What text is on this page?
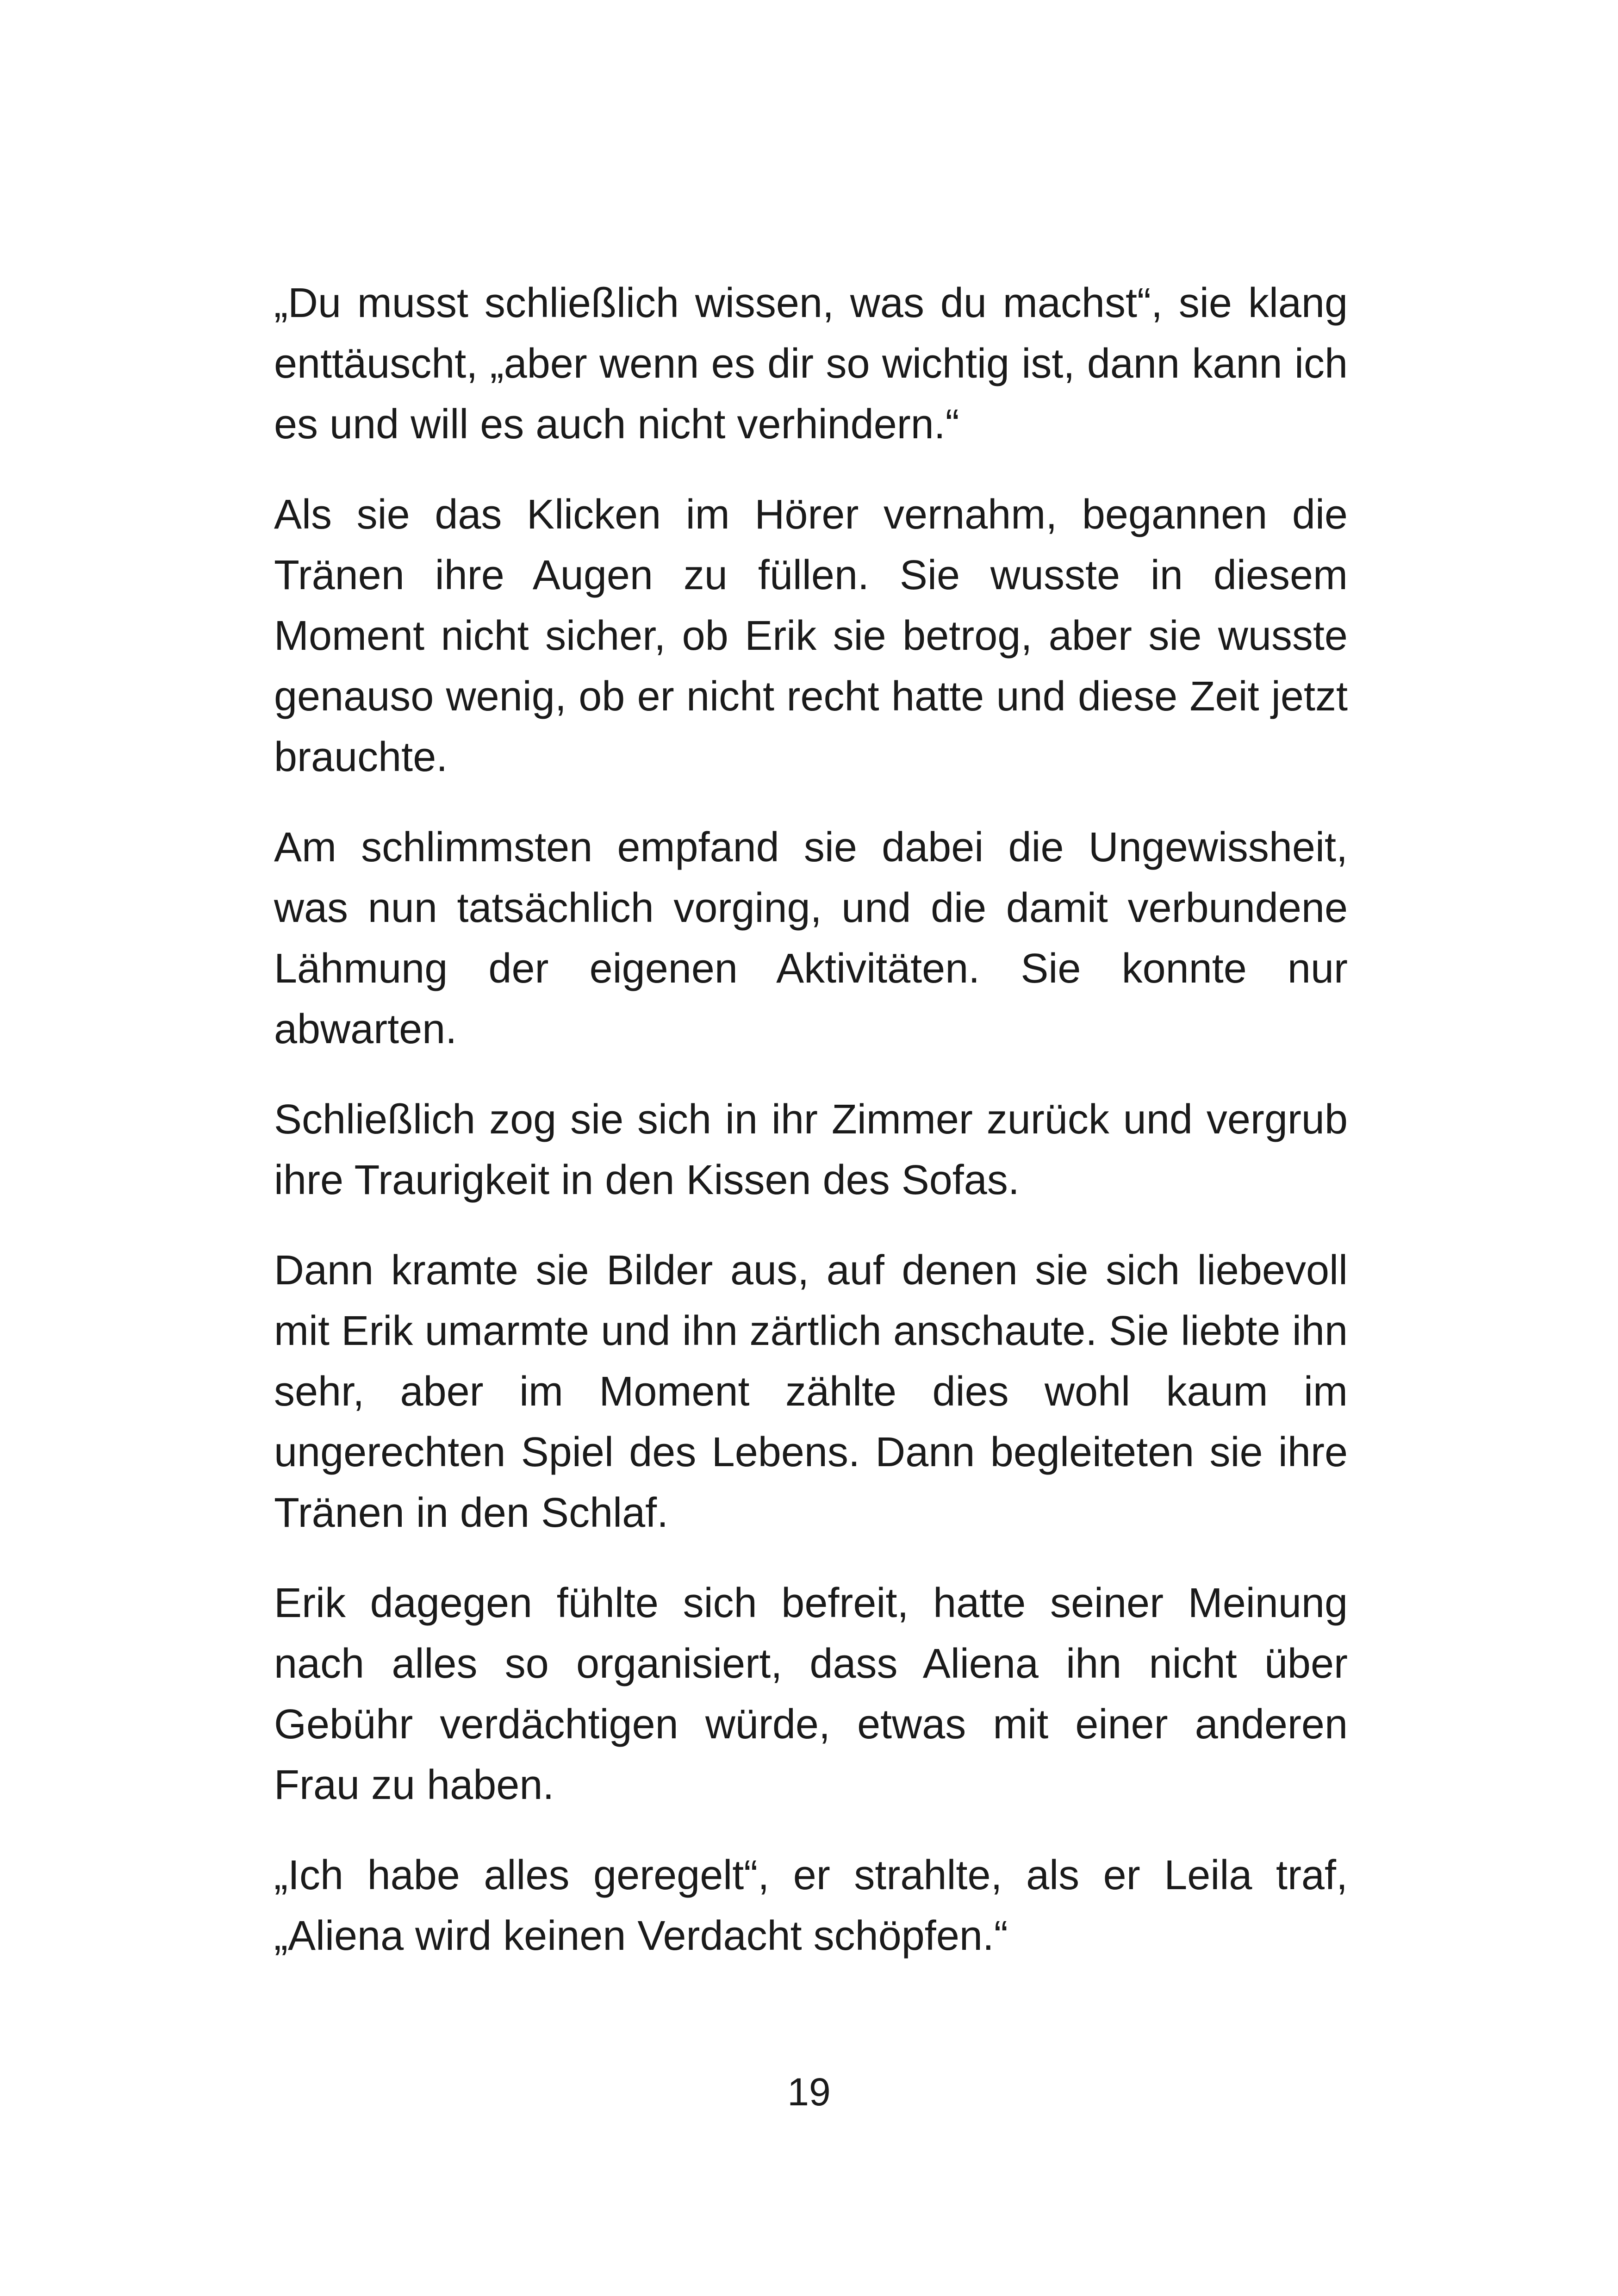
„Du musst schließlich wissen, was du machst“, sie klang enttäuscht, „aber wenn es dir so wichtig ist, dann kann ich es und will es auch nicht verhindern.“

Als sie das Klicken im Hörer vernahm, begannen die Tränen ihre Augen zu füllen. Sie wusste in diesem Moment nicht sicher, ob Erik sie betrog, aber sie wusste genauso wenig, ob er nicht recht hatte und diese Zeit jetzt brauchte.

Am schlimmsten empfand sie dabei die Ungewissheit, was nun tatsächlich vorging, und die damit verbundene Lähmung der eigenen Aktivitäten. Sie konnte nur abwarten.

Schließlich zog sie sich in ihr Zimmer zurück und vergrub ihre Traurigkeit in den Kissen des Sofas.

Dann kramte sie Bilder aus, auf denen sie sich liebevoll mit Erik umarmte und ihn zärtlich anschaute. Sie liebte ihn sehr, aber im Moment zählte dies wohl kaum im ungerechten Spiel des Lebens. Dann begleiteten sie ihre Tränen in den Schlaf.

Erik dagegen fühlte sich befreit, hatte seiner Meinung nach alles so organisiert, dass Aliena ihn nicht über Gebühr verdächtigen würde, etwas mit einer anderen Frau zu haben.

„Ich habe alles geregelt“, er strahlte, als er Leila traf, „Aliena wird keinen Verdacht schöpfen.“

19
